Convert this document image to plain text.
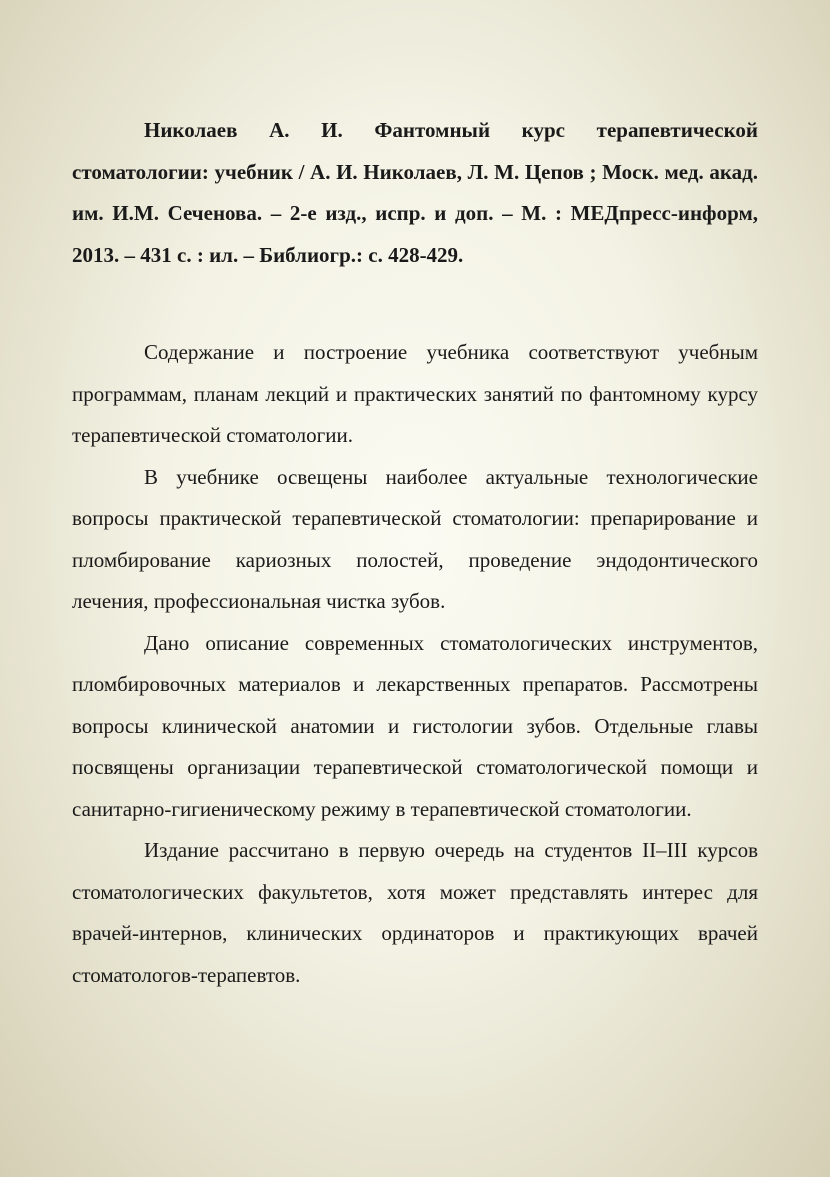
Николаев А. И. Фантомный курс терапевтической стоматологии: учебник / А. И. Николаев, Л. М. Цепов ; Моск. мед. акад. им. И.М. Сеченова. – 2-е изд., испр. и доп. – М. : МЕДпресс-информ, 2013. – 431 с. : ил. – Библиогр.: с. 428-429.

Содержание и построение учебника соответствуют учебным программам, планам лекций и практических занятий по фантомному курсу терапевтической стоматологии.

В учебнике освещены наиболее актуальные технологические вопросы практической терапевтической стоматологии: препарирование и пломбирование кариозных полостей, проведение эндодонтического лечения, профессиональная чистка зубов.

Дано описание современных стоматологических инструментов, пломбировочных материалов и лекарственных препаратов. Рассмотрены вопросы клинической анатомии и гистологии зубов. Отдельные главы посвящены организации терапевтической стоматологической помощи и санитарно-гигиеническому режиму в терапевтической стоматологии.

Издание рассчитано в первую очередь на студентов II–III курсов стоматологических факультетов, хотя может представлять интерес для врачей-интернов, клинических ординаторов и практикующих врачей стоматологов-терапевтов.
